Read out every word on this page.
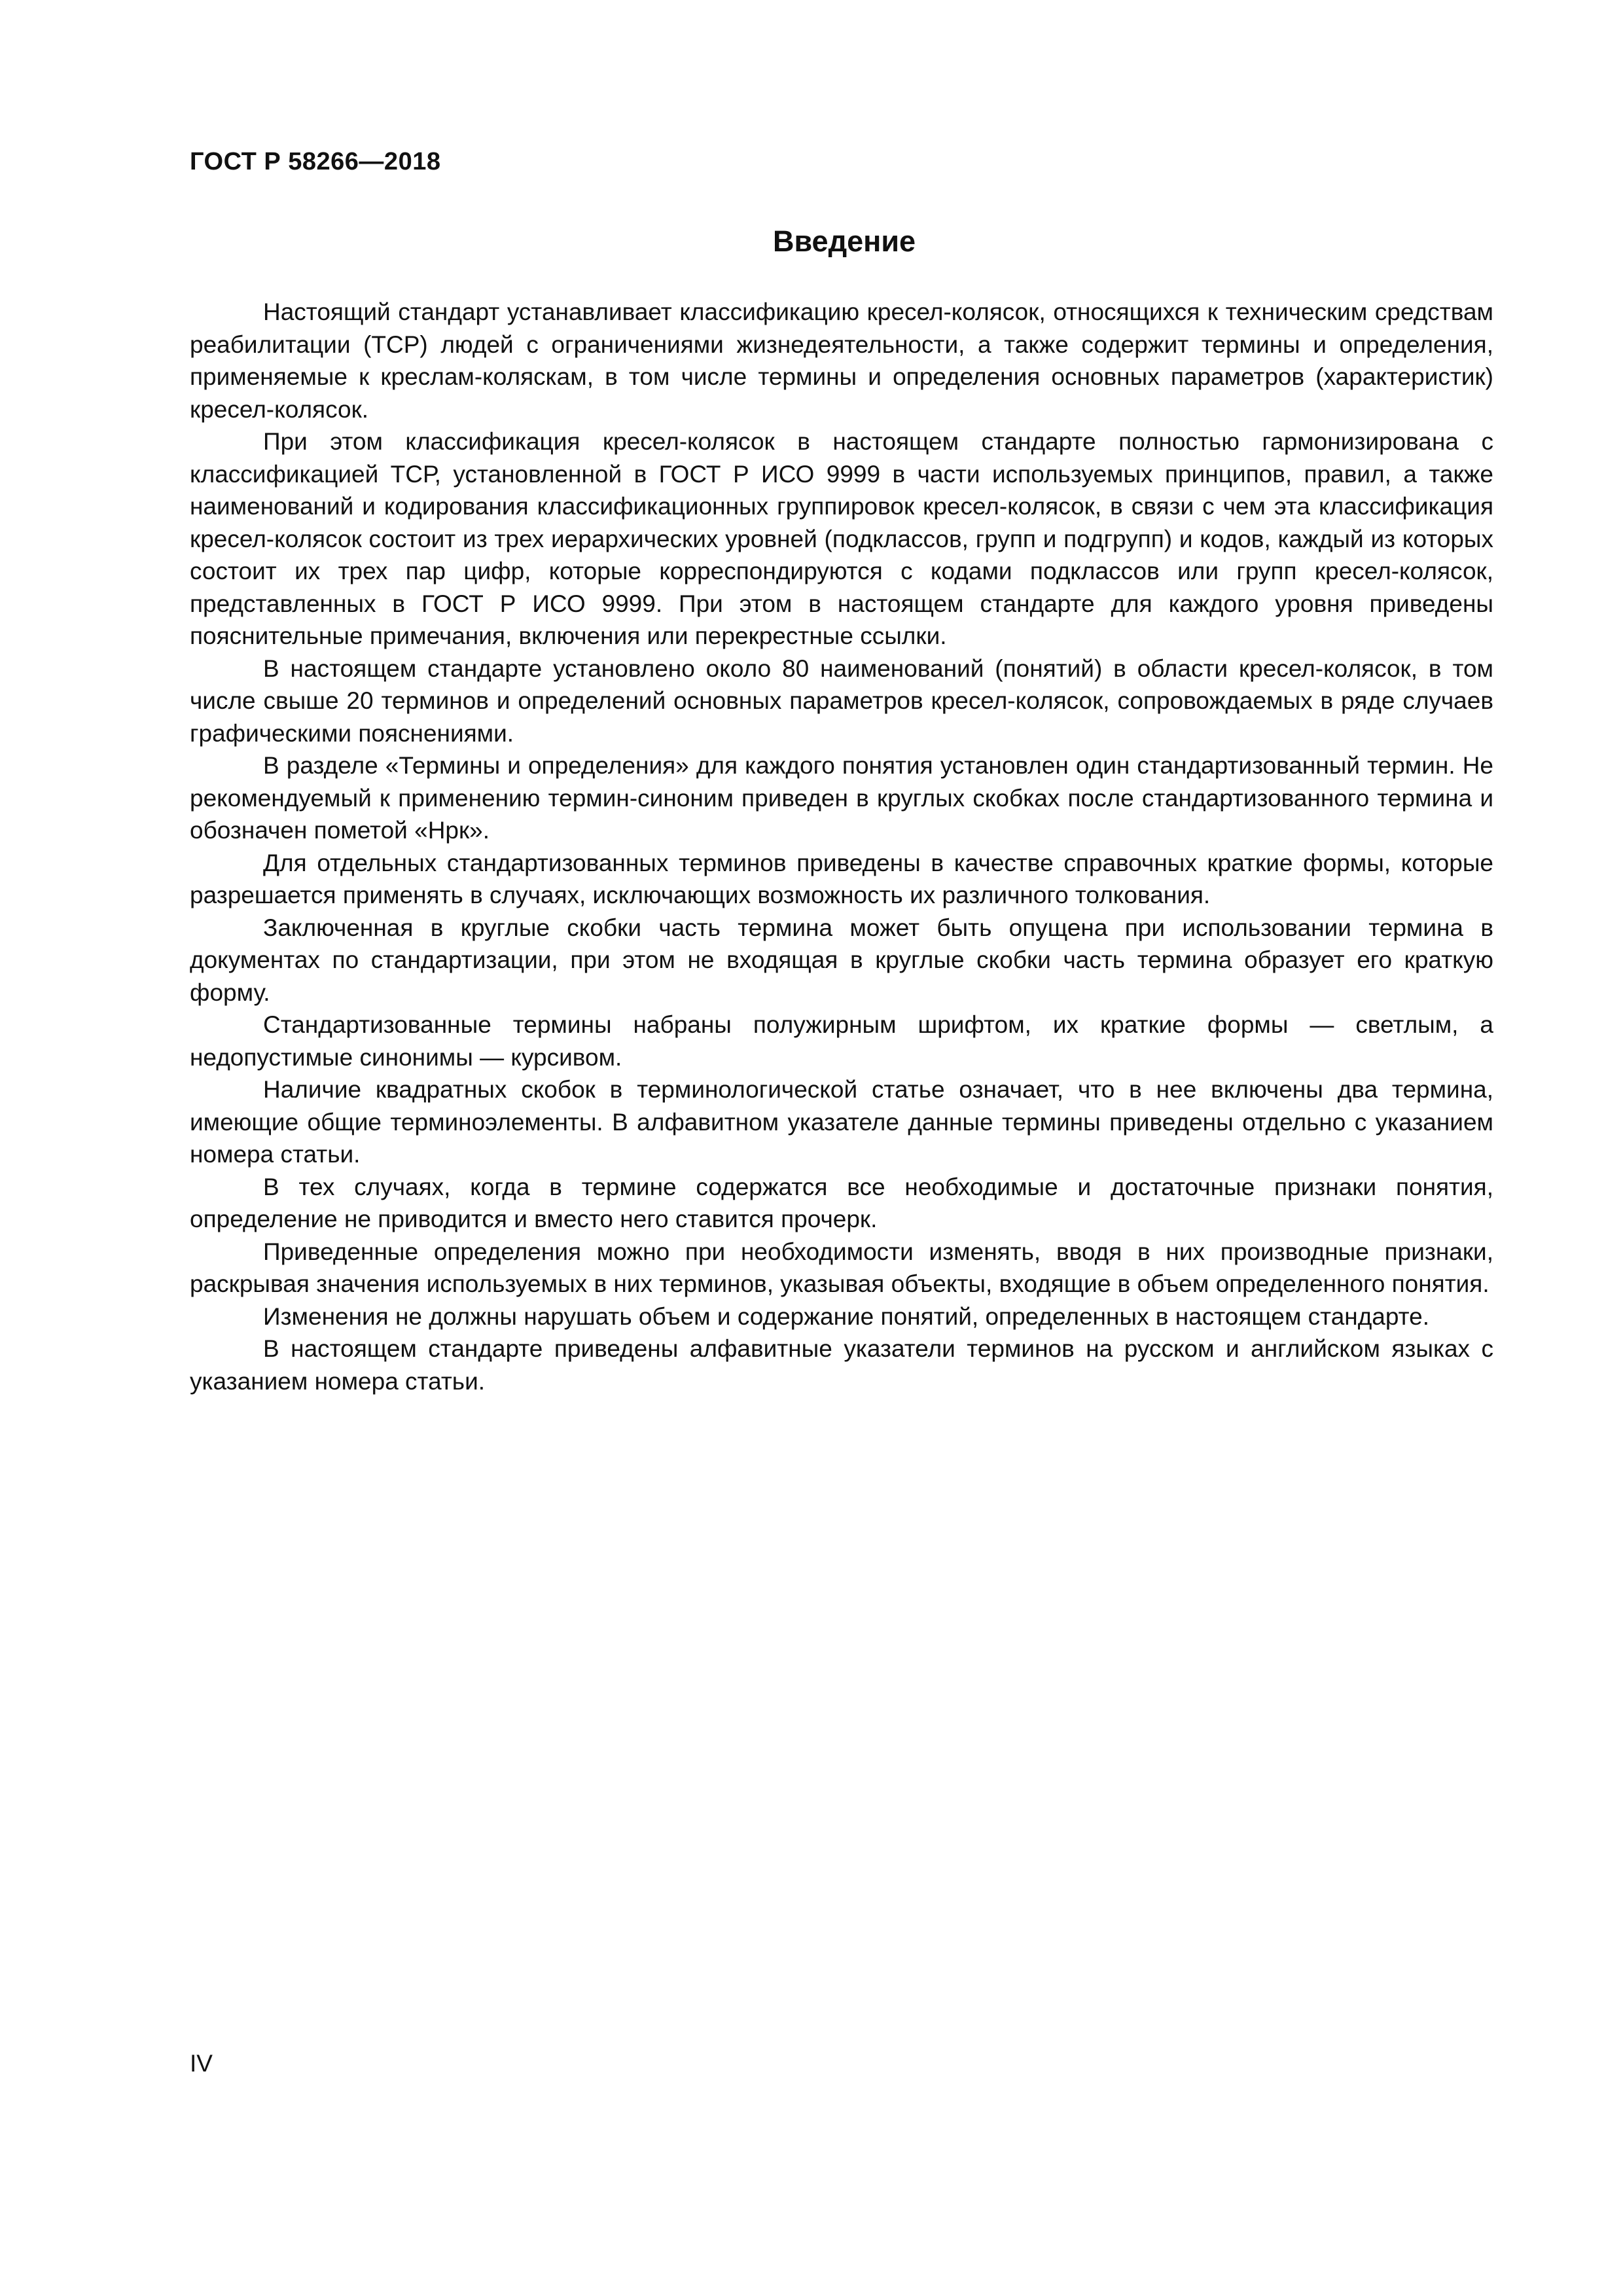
ГОСТ Р 58266—2018
Введение

Настоящий стандарт устанавливает классификацию кресел-колясок, относящихся к техническим средствам реабилитации (ТСР) людей с ограничениями жизнедеятельности, а также содержит термины и определения, применяемые к креслам-коляскам, в том числе термины и определения основных параметров (характеристик) кресел-колясок.

При этом классификация кресел-колясок в настоящем стандарте полностью гармонизирована с классификацией ТСР, установленной в ГОСТ Р ИСО 9999 в части используемых принципов, правил, а также наименований и кодирования классификационных группировок кресел-колясок, в связи с чем эта классификация кресел-колясок состоит из трех иерархических уровней (подклассов, групп и подгрупп) и кодов, каждый из которых состоит их трех пар цифр, которые корреспондируются с кодами подклассов или групп кресел-колясок, представленных в ГОСТ Р ИСО 9999. При этом в настоящем стандарте для каждого уровня приведены пояснительные примечания, включения или перекрестные ссылки.

В настоящем стандарте установлено около 80 наименований (понятий) в области кресел-колясок, в том числе свыше 20 терминов и определений основных параметров кресел-колясок, сопровождаемых в ряде случаев графическими пояснениями.

В разделе «Термины и определения» для каждого понятия установлен один стандартизованный термин. Не рекомендуемый к применению термин-синоним приведен в круглых скобках после стандартизованного термина и обозначен пометой «Нрк».

Для отдельных стандартизованных терминов приведены в качестве справочных краткие формы, которые разрешается применять в случаях, исключающих возможность их различного толкования.

Заключенная в круглые скобки часть термина может быть опущена при использовании термина в документах по стандартизации, при этом не входящая в круглые скобки часть термина образует его краткую форму.

Стандартизованные термины набраны полужирным шрифтом, их краткие формы — светлым, а недопустимые синонимы — курсивом.

Наличие квадратных скобок в терминологической статье означает, что в нее включены два термина, имеющие общие терминоэлементы. В алфавитном указателе данные термины приведены отдельно с указанием номера статьи.

В тех случаях, когда в термине содержатся все необходимые и достаточные признаки понятия, определение не приводится и вместо него ставится прочерк.

Приведенные определения можно при необходимости изменять, вводя в них производные признаки, раскрывая значения используемых в них терминов, указывая объекты, входящие в объем определенного понятия.

Изменения не должны нарушать объем и содержание понятий, определенных в настоящем стандарте.

В настоящем стандарте приведены алфавитные указатели терминов на русском и английском языках с указанием номера статьи.

IV
